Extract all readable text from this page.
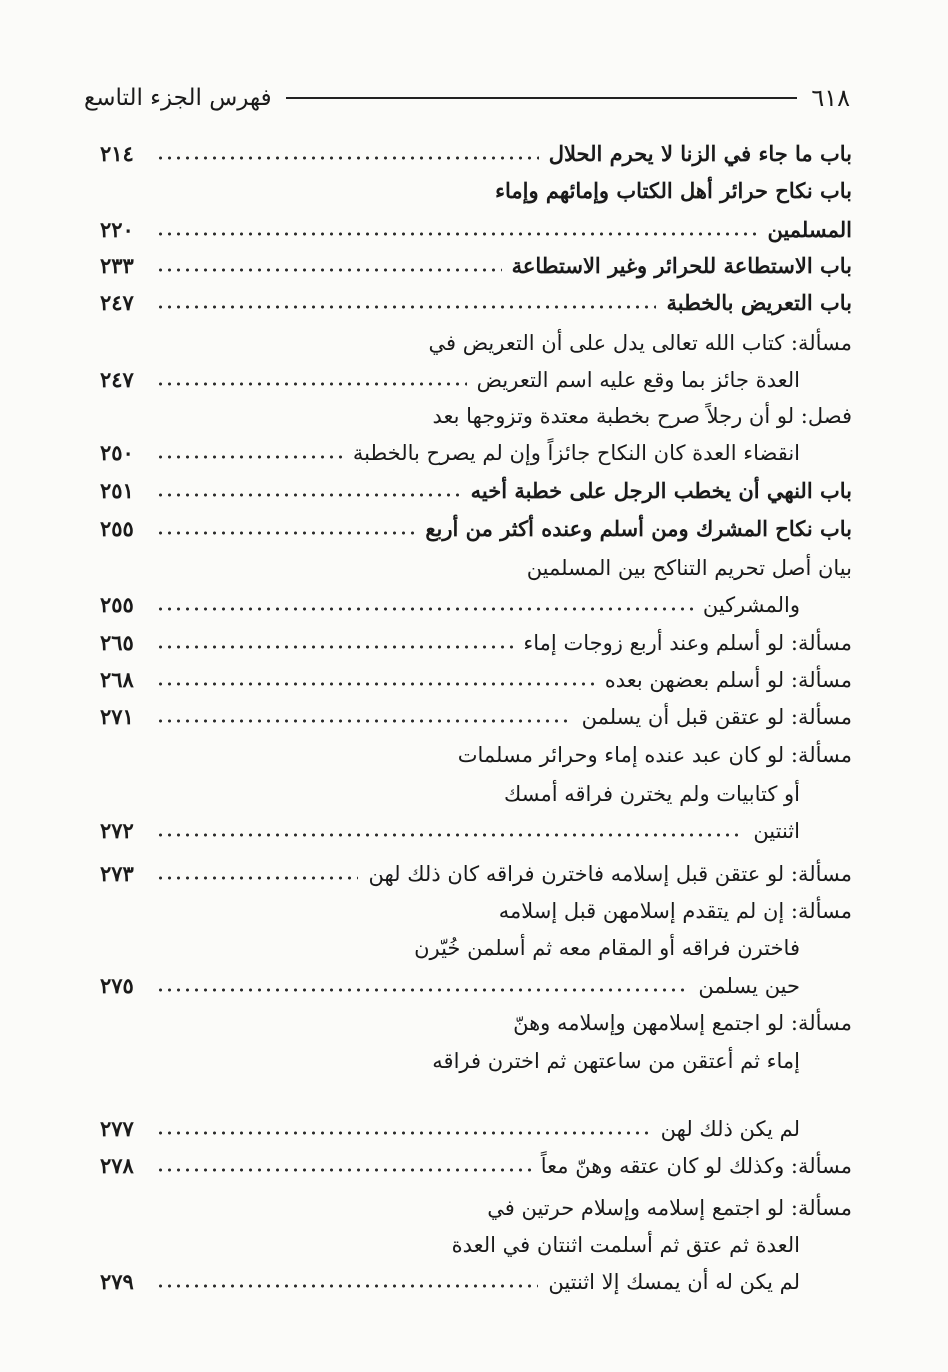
٦١٨
فهرس الجزء التاسع
باب ما جاء في الزنا لا يحرم الحلال
٢١٤
باب نكاح حرائر أهل الكتاب وإمائهم وإماء
المسلمين
٢٢٠
باب الاستطاعة للحرائر وغير الاستطاعة
٢٣٣
باب التعريض بالخطبة
٢٤٧
مسألة: كتاب الله تعالى يدل على أن التعريض في
العدة جائز بما وقع عليه اسم التعريض
٢٤٧
فصل: لو أن رجلاً صرح بخطبة معتدة وتزوجها بعد
انقضاء العدة كان النكاح جائزاً وإن لم يصرح بالخطبة
٢٥٠
باب النهي أن يخطب الرجل على خطبة أخيه
٢٥١
باب نكاح المشرك ومن أسلم وعنده أكثر من أربع
٢٥٥
بيان أصل تحريم التناكح بين المسلمين
والمشركين
٢٥٥
مسألة: لو أسلم وعند أربع زوجات إماء
٢٦٥
مسألة: لو أسلم بعضهن بعده
٢٦٨
مسألة: لو عتقن قبل أن يسلمن
٢٧١
مسألة: لو كان عبد عنده إماء وحرائر مسلمات
أو كتابيات ولم يخترن فراقه أمسك
اثنتين
٢٧٢
مسألة: لو عتقن قبل إسلامه فاخترن فراقه كان ذلك لهن
٢٧٣
مسألة: إن لم يتقدم إسلامهن قبل إسلامه
فاخترن فراقه أو المقام معه ثم أسلمن خُيّرن
حين يسلمن
٢٧٥
مسألة: لو اجتمع إسلامهن وإسلامه وهنّ
إماء ثم أعتقن من ساعتهن ثم اخترن فراقه
لم يكن ذلك لهن
٢٧٧
مسألة: وكذلك لو كان عتقه وهنّ معاً
٢٧٨
مسألة: لو اجتمع إسلامه وإسلام حرتين في
العدة ثم عتق ثم أسلمت اثنتان في العدة
لم يكن له أن يمسك إلا اثنتين
٢٧٩
